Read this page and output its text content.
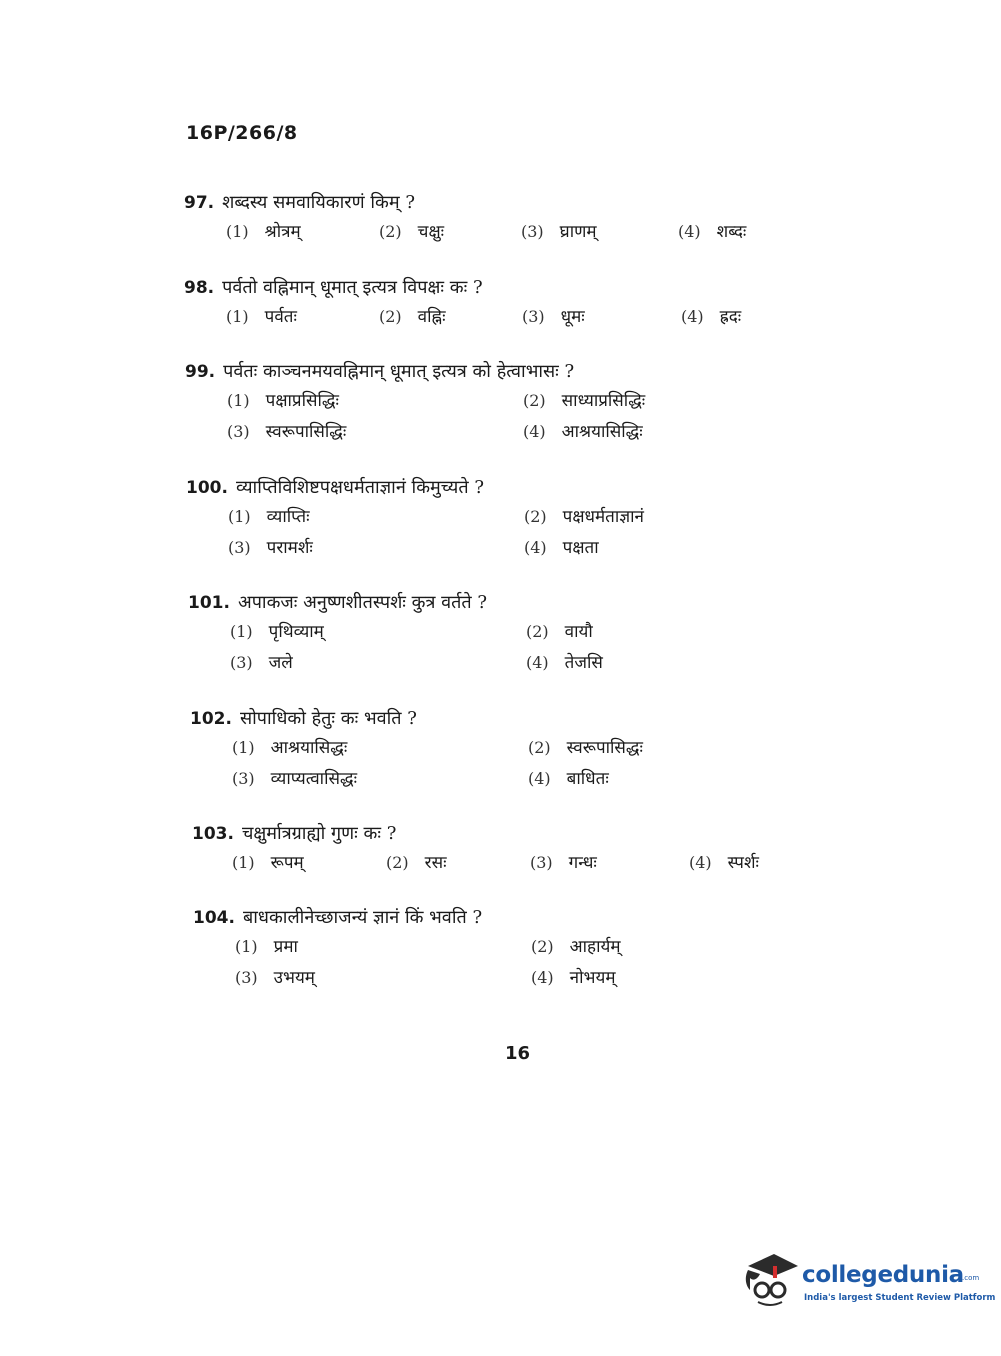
16P/266/8
97. शब्दस्य समवायिकारणं किम् ?
(1) श्रोत्रम्	(2) चक्षुः	(3) घ्राणम्	(4) शब्दः
98. पर्वतो वह्निमान् धूमात् इत्यत्र विपक्षः कः ?
(1) पर्वतः	(2) वह्निः	(3) धूमः	(4) ह्रदः
99. पर्वतः काञ्चनमयवह्निमान् धूमात् इत्यत्र को हेत्वाभासः ?
(1) पक्षाप्रसिद्धिः	(2) साध्याप्रसिद्धिः
(3) स्वरूपासिद्धिः	(4) आश्रयासिद्धिः
100. व्याप्तिविशिष्टपक्षधर्मताज्ञानं किमुच्यते ?
(1) व्याप्तिः	(2) पक्षधर्मताज्ञानं
(3) परामर्शः	(4) पक्षता
101. अपाकजः अनुष्णशीतस्पर्शः कुत्र वर्तते ?
(1) पृथिव्याम्	(2) वायौ
(3) जले	(4) तेजसि
102. सोपाधिको हेतुः कः भवति ?
(1) आश्रयासिद्धः	(2) स्वरूपासिद्धः
(3) व्याप्यत्वासिद्धः	(4) बाधितः
103. चक्षुर्मात्रग्राह्यो गुणः कः ?
(1) रूपम्	(2) रसः	(3) गन्धः	(4) स्पर्शः
104. बाधकालीनेच्छाजन्यं ज्ञानं किं भवति ?
(1) प्रमा	(2) आहार्यम्
(3) उभयम्	(4) नोभयम्
16
collegedunia
.com
India's largest Student Review Platform
